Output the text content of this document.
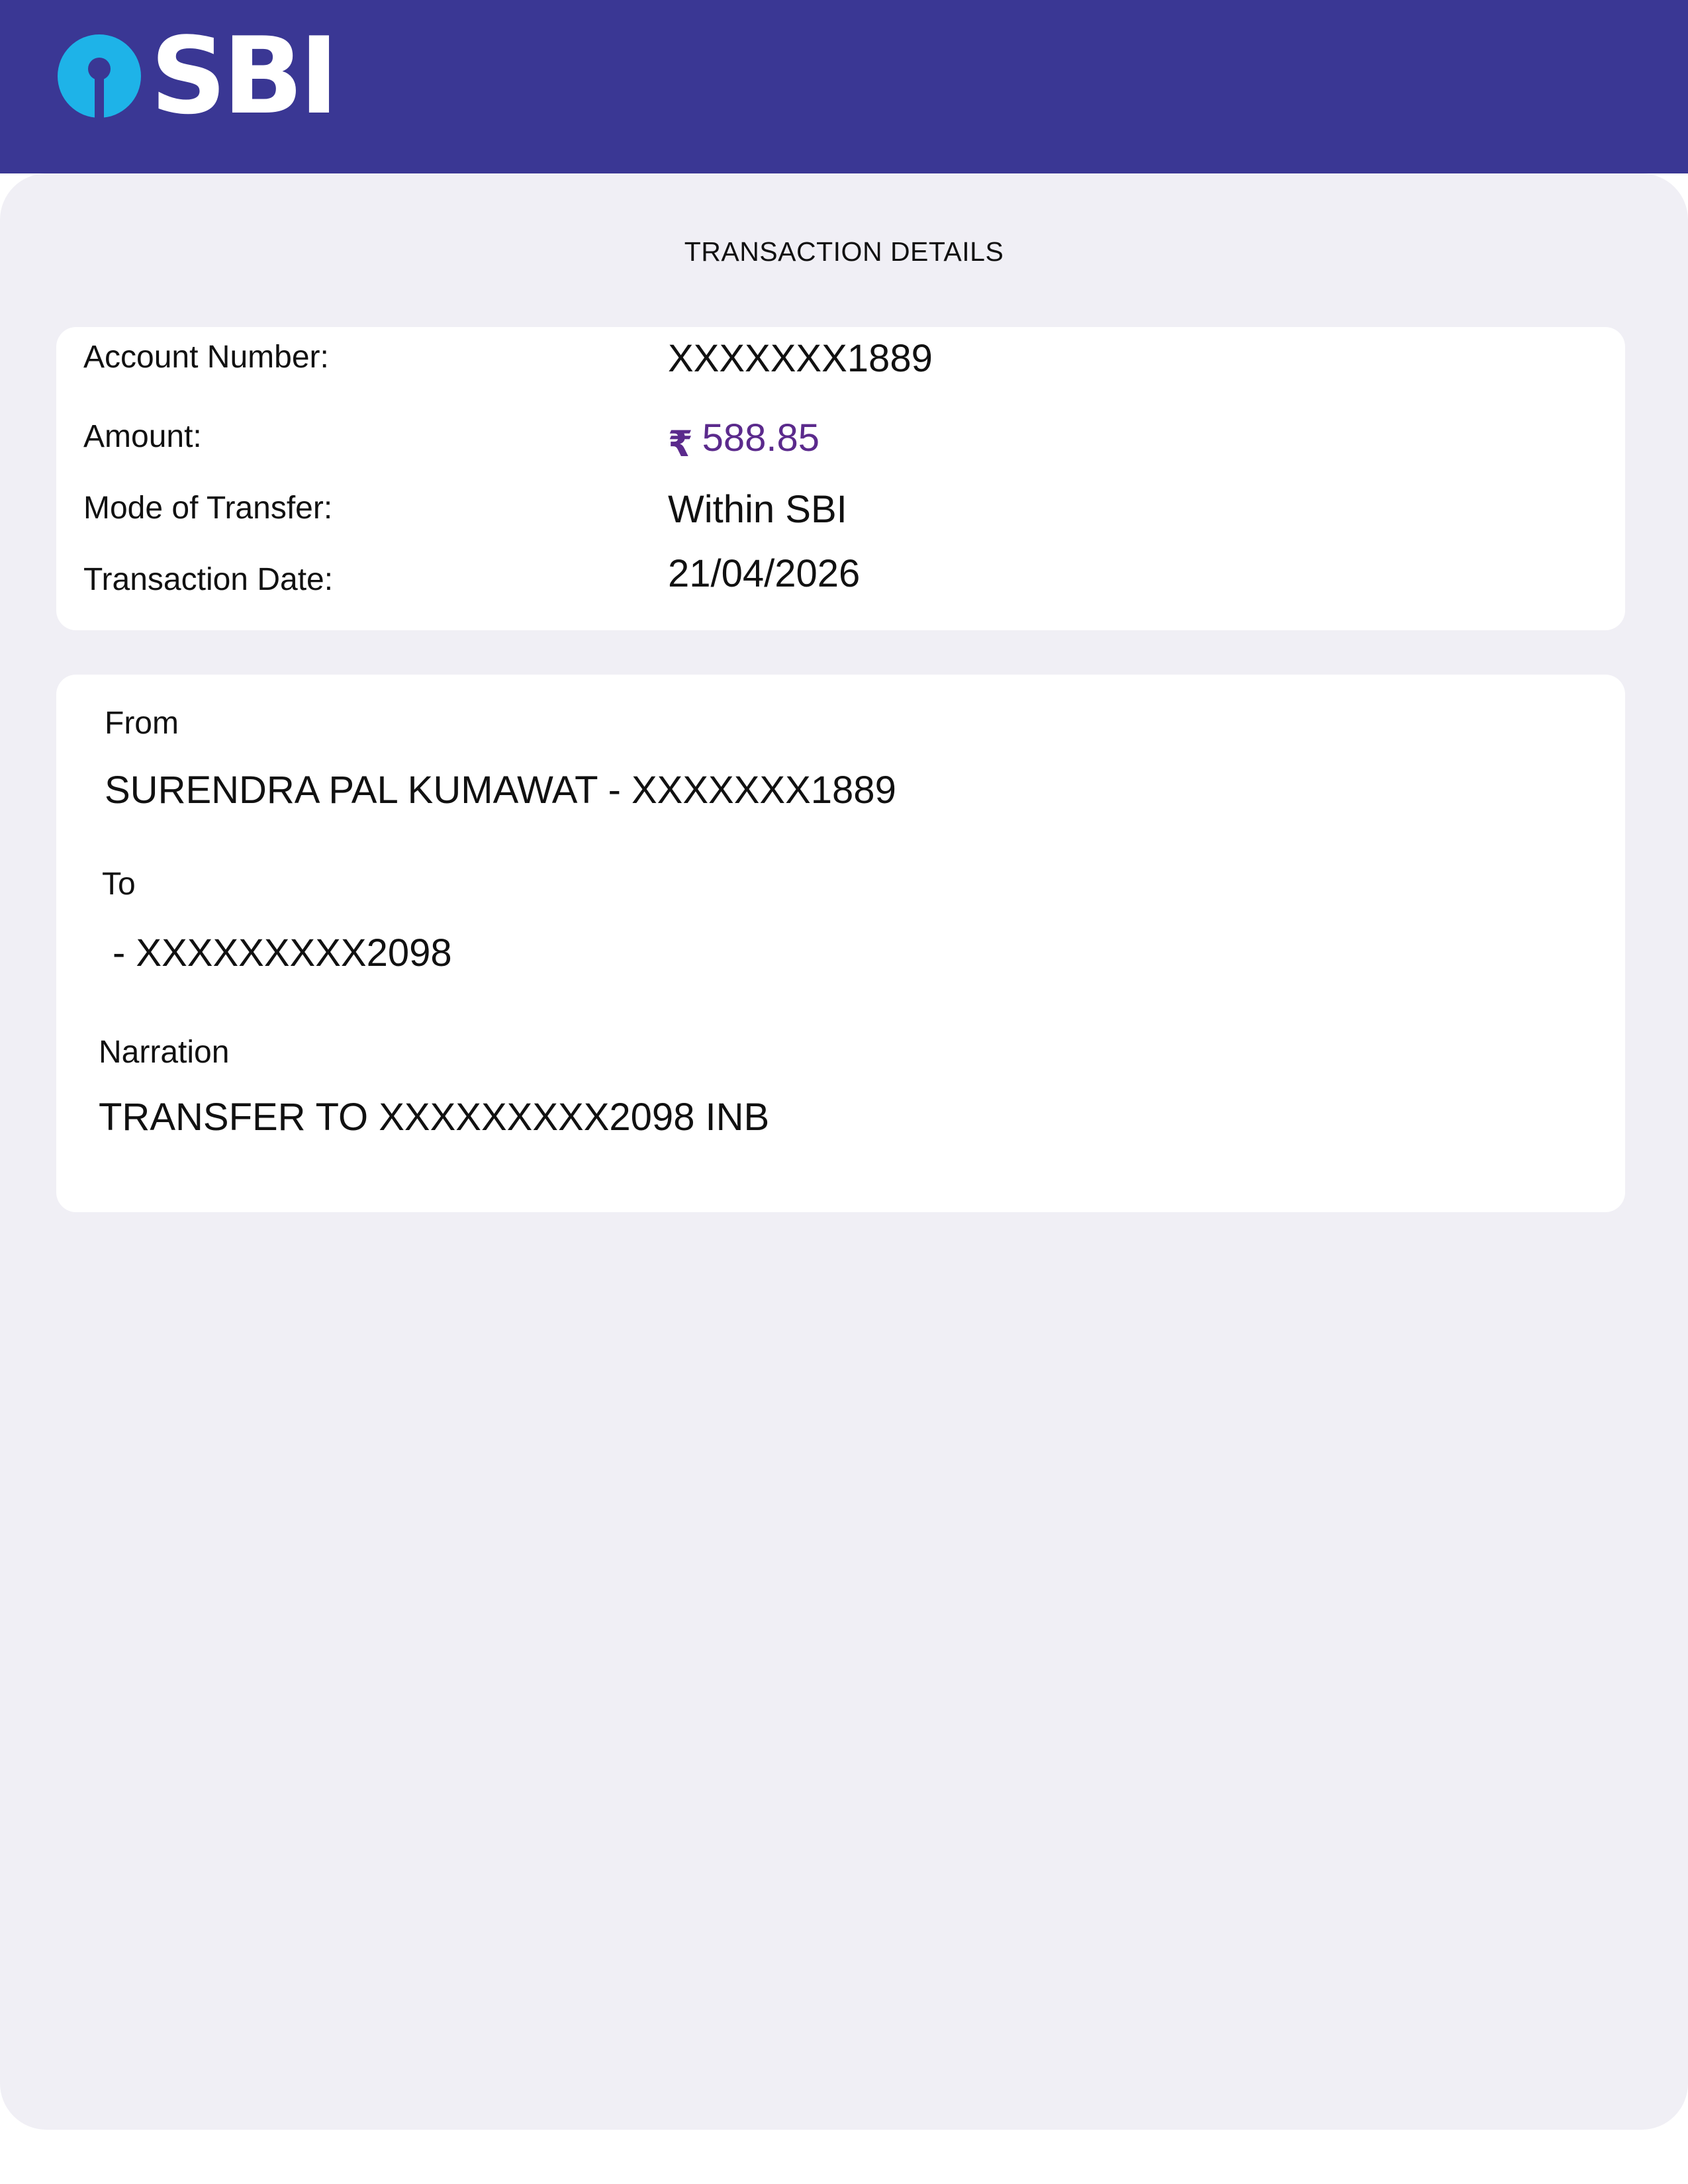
SBI
TRANSACTION DETAILS
Account Number:	XXXXXXX1889
Amount:	₹ 588.85
Mode of Transfer:	Within SBI
Transaction Date:	21/04/2026
From
SURENDRA PAL KUMAWAT - XXXXXXX1889
To
- XXXXXXXXX2098
Narration
TRANSFER TO XXXXXXXXX2098 INB
